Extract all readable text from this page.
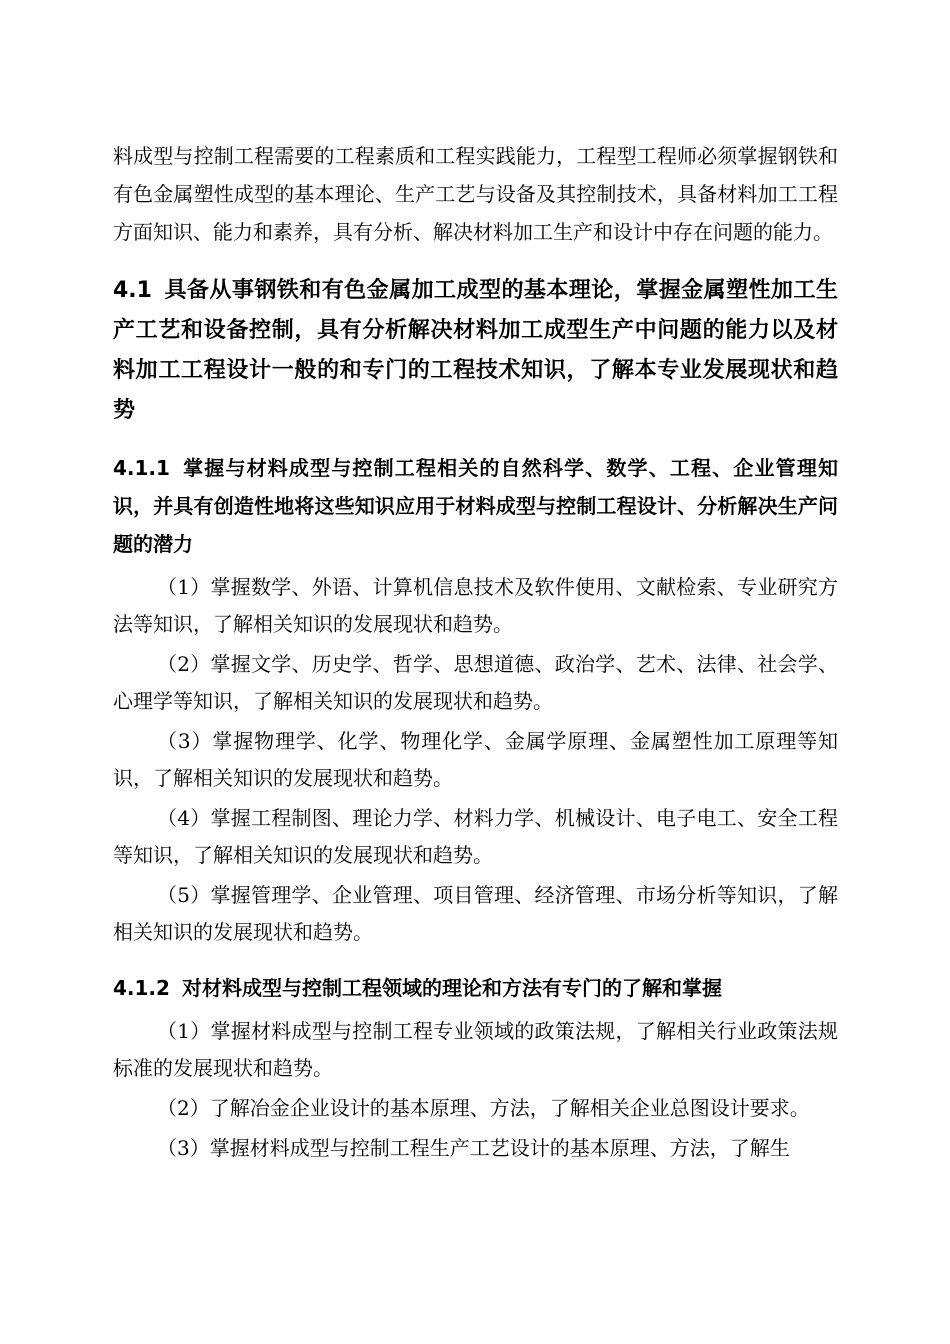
料成型与控制工程需要的工程素质和工程实践能力，工程型工程师必须掌握钢铁和有色金属塑性成型的基本理论、生产工艺与设备及其控制技术，具备材料加工工程方面知识、能力和素养，具有分析、解决材料加工生产和设计中存在问题的能力。

4.1 具备从事钢铁和有色金属加工成型的基本理论，掌握金属塑性加工生产工艺和设备控制，具有分析解决材料加工成型生产中问题的能力以及材料加工工程设计一般的和专门的工程技术知识，了解本专业发展现状和趋势
4.1.1 掌握与材料成型与控制工程相关的自然科学、数学、工程、企业管理知识，并具有创造性地将这些知识应用于材料成型与控制工程设计、分析解决生产问题的潜力

（1）掌握数学、外语、计算机信息技术及软件使用、文献检索、专业研究方法等知识，了解相关知识的发展现状和趋势。

（2）掌握文学、历史学、哲学、思想道德、政治学、艺术、法律、社会学、心理学等知识，了解相关知识的发展现状和趋势。

（3）掌握物理学、化学、物理化学、金属学原理、金属塑性加工原理等知识，了解相关知识的发展现状和趋势。

（4）掌握工程制图、理论力学、材料力学、机械设计、电子电工、安全工程等知识，了解相关知识的发展现状和趋势。

（5）掌握管理学、企业管理、项目管理、经济管理、市场分析等知识，了解相关知识的发展现状和趋势。

4.1.2 对材料成型与控制工程领域的理论和方法有专门的了解和掌握

（1）掌握材料成型与控制工程专业领域的政策法规，了解相关行业政策法规标准的发展现状和趋势。

（2）了解冶金企业设计的基本原理、方法，了解相关企业总图设计要求。

（3）掌握材料成型与控制工程生产工艺设计的基本原理、方法，了解生
